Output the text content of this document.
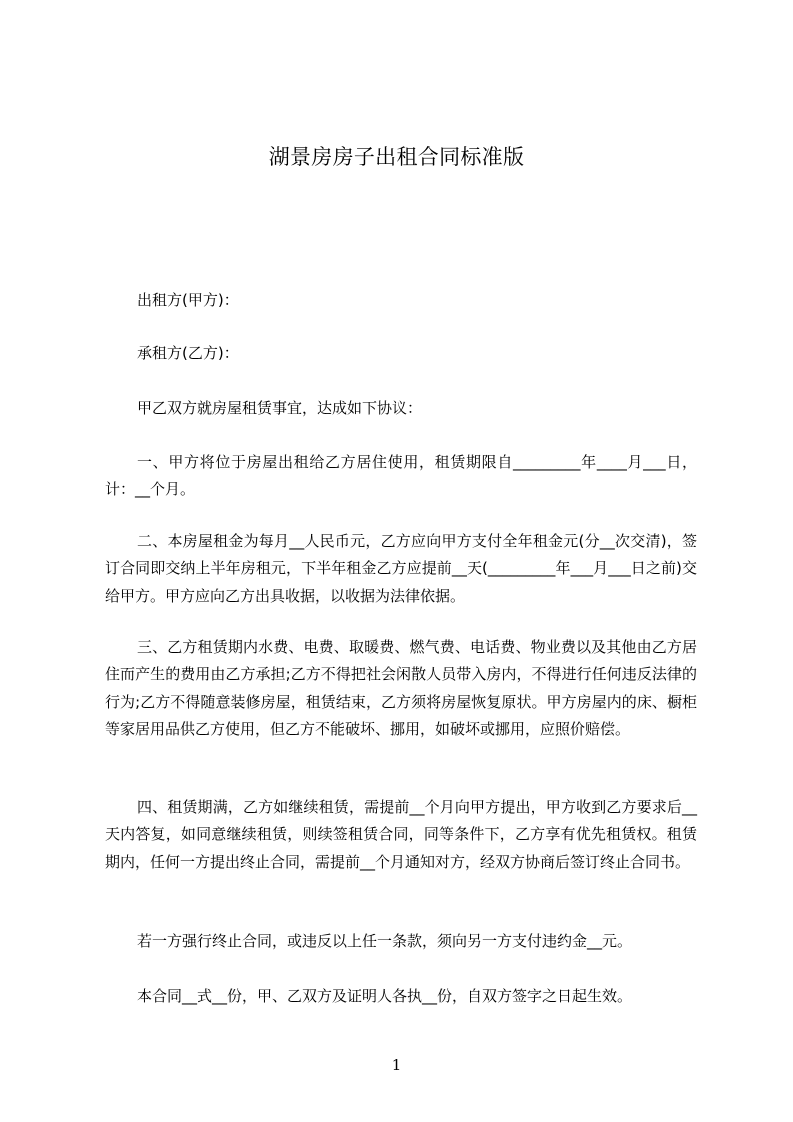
湖景房房子出租合同标准版

出租方(甲方)：

承租方(乙方)：

甲乙双方就房屋租赁事宜，达成如下协议：

一、甲方将位于房屋出租给乙方居住使用，租赁期限自_________年____月___日，计：__个月。

二、本房屋租金为每月__人民币元，乙方应向甲方支付全年租金元(分__次交清)，签订合同即交纳上半年房租元，下半年租金乙方应提前__天(_________年___月___日之前)交给甲方。甲方应向乙方出具收据，以收据为法律依据。

三、乙方租赁期内水费、电费、取暖费、燃气费、电话费、物业费以及其他由乙方居住而产生的费用由乙方承担;乙方不得把社会闲散人员带入房内，不得进行任何违反法律的行为;乙方不得随意装修房屋，租赁结束，乙方须将房屋恢复原状。甲方房屋内的床、橱柜等家居用品供乙方使用，但乙方不能破坏、挪用，如破坏或挪用，应照价赔偿。

四、租赁期满，乙方如继续租赁，需提前__个月向甲方提出，甲方收到乙方要求后__天内答复，如同意继续租赁，则续签租赁合同，同等条件下，乙方享有优先租赁权。租赁期内，任何一方提出终止合同，需提前__个月通知对方，经双方协商后签订终止合同书。

若一方强行终止合同，或违反以上任一条款，须向另一方支付违约金__元。

本合同__式__份，甲、乙双方及证明人各执__份，自双方签字之日起生效。

1
